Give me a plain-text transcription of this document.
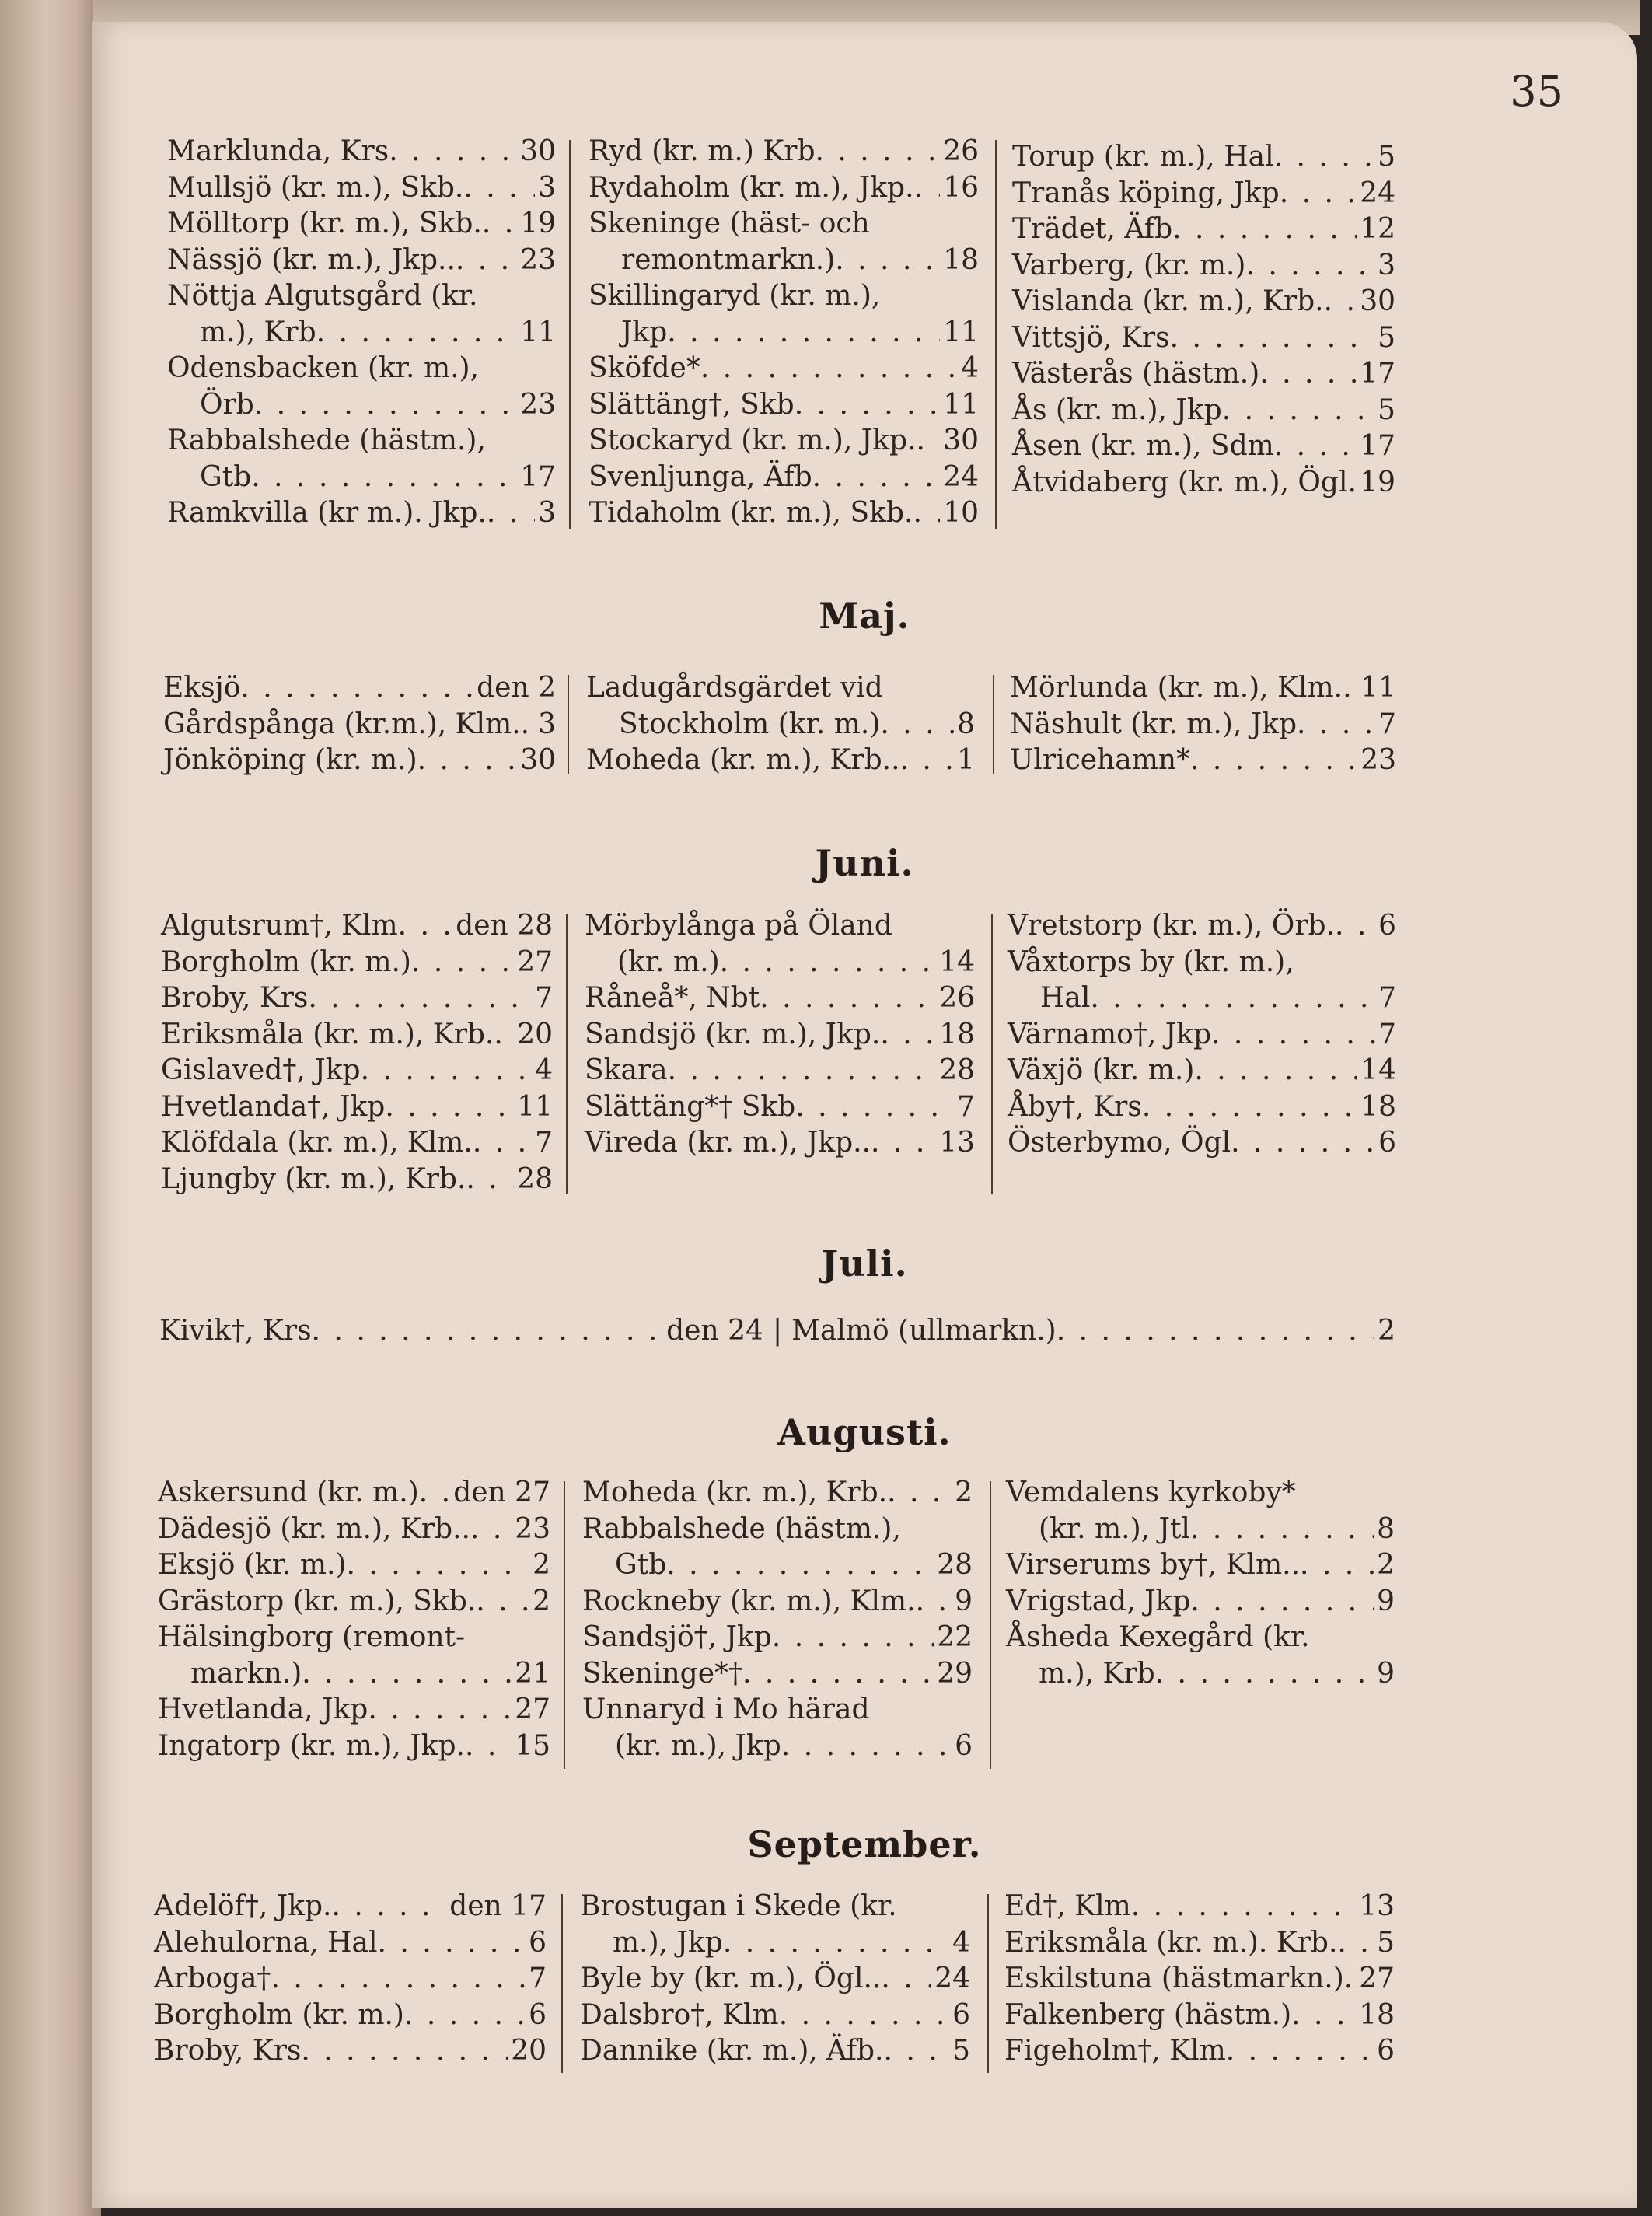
35
Marklunda, Krs . . .	30
Mullsjö (kr. m.), Skb. . . .	3
Mölltorp (kr. m.), Skb. . . . 19
Nässjö (kr. m.), Jkp.. . . . 23
Nöttja Algutsgård (kr.
m.), Krb . . .	11
Odensbacken (kr. m.),
Örb . . .	23
Rabbalshede (hästm.),
Gtb . . .	17
Ramkvilla (kr m.). Jkp. . . . 3
Ryd (kr. m.) Krb . . .	26
Rydaholm (kr. m.), Jkp. . . . 16
Skeninge (häst- och
remontmarkn.) . . .	18
Skillingaryd (kr. m.),
Jkp . . .	11
Sköfde* . . .	4
Slättäng†, Skb . . .	11
Stockaryd (kr. m.), Jkp. . . . 30
Svenljunga, Äfb . . .	24
Tidaholm (kr. m.), Skb. . . . 10
Torup (kr. m.), Hal . . .	5
Tranås köping, Jkp . . .	24
Trädet, Äfb . . .	12
Varberg, (kr. m.) . . .	3
Vislanda (kr. m.), Krb. . . . 30
Vittsjö, Krs . . .	5
Västerås (hästm.) . . .	17
Ås (kr. m.), Jkp . . .	5
Åsen (kr. m.), Sdm . . .	17
Åtvidaberg (kr. m.), Ögl. . . . 19
Maj.
Eksjö . . .	den 2
Gårdspånga (kr.m.), Klm. . . . 3
Jönköping (kr. m.) . . .	30
Ladugårdsgärdet vid
Stockholm (kr. m.) . . .	8
Moheda (kr. m.), Krb.. . . . 1
Mörlunda (kr. m.), Klm. . . . 11
Näshult (kr. m.), Jkp . . .	7
Ulricehamn* . . .	23
Juni.
Algutsrum†, Klm . . . den 28
Borgholm (kr. m.) . . .	27
Broby, Krs . . .	7
Eriksmåla (kr. m.), Krb. . . . 20
Gislaved†, Jkp . . .	4
Hvetlanda†, Jkp . . .	11
Klöfdala (kr. m.), Klm. . . . 7
Ljungby (kr. m.), Krb. . . . 28
Mörbylånga på Öland
(kr. m.) . . .	14
Råneå*, Nbt . . .	26
Sandsjö (kr. m.), Jkp. . . . 18
Skara . . .	28
Slättäng*† Skb . . .	7
Vireda (kr. m.), Jkp.. . . . 13
Vretstorp (kr. m.), Örb. . . . 6
Våxtorps by (kr. m.),
Hal . . .	7
Värnamo†, Jkp . . .	7
Växjö (kr. m.) . . .	14
Åby†, Krs . . .	18
Österbymo, Ögl . . .	6
Juli.
Kivik†, Krs . . .	den 24 | Malmö (ullmarkn.) . . .	2
Augusti.
Askersund (kr. m.) . . . den 27
Dädesjö (kr. m.), Krb.. . . . 23
Eksjö (kr. m.) . . .	2
Grästorp (kr. m.), Skb. . . . 2
Hälsingborg (remont-
markn.) . . .	21
Hvetlanda, Jkp . . .	27
Ingatorp (kr. m.), Jkp. . . . 15
Moheda (kr. m.), Krb. . . . 2
Rabbalshede (hästm.),
Gtb . . .	28
Rockneby (kr. m.), Klm. . . . 9
Sandsjö†, Jkp . . .	22
Skeninge*† . . .	29
Unnaryd i Mo härad
(kr. m.), Jkp . . .	6
Vemdalens kyrkoby*
(kr. m.), Jtl . . .	8
Virserums by†, Klm.. . . .	2
Vrigstad, Jkp . . .	9
Åsheda Kexegård (kr.
m.), Krb . . .	9
September.
Adelöf†, Jkp. . . .	den 17
Alehulorna, Hal . . .	6
Arboga† . . .	7
Borgholm (kr. m.) . . .	6
Broby, Krs . . .	20
Brostugan i Skede (kr.
m.), Jkp . . .	4
Byle by (kr. m.), Ögl.. . . . 24
Dalsbro†, Klm . . .	6
Dannike (kr. m.), Äfb. . . . 5
Ed†, Klm . . .	13
Eriksmåla (kr. m.). Krb. . . . 5
Eskilstuna (hästmarkn.) . . . 27
Falkenberg (hästm.) . . . 18
Figeholm†, Klm . . .	6
